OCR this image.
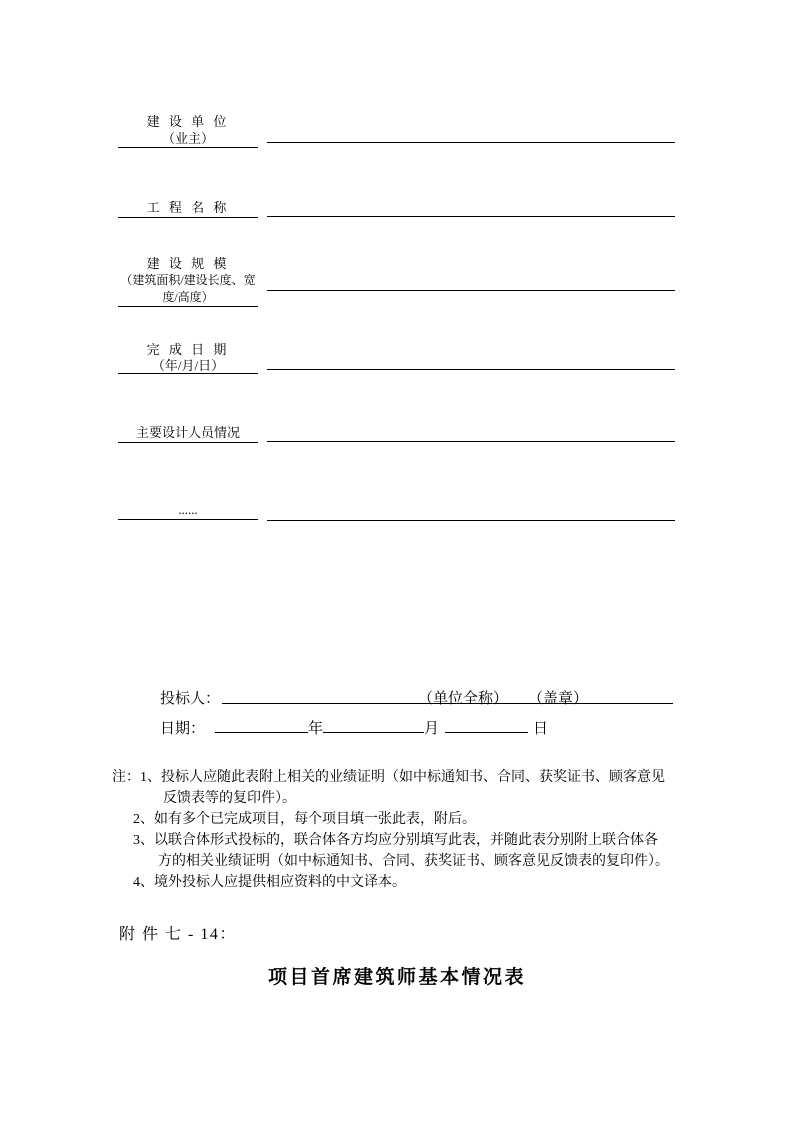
建 设 单 位
（业主）
工 程 名 称
建 设 规 模
（建筑面积/建设长度、宽
度/高度）
完 成 日 期
（年/月/日）
主要设计人员情况
......
投标人：	（单位全称） （盖章）
日期：	年	月	日
注：1、投标人应随此表附上相关的业绩证明（如中标通知书、合同、获奖证书、顾客意见
反馈表等的复印件）。
2、如有多个已完成项目，每个项目填一张此表，附后。
3、以联合体形式投标的，联合体各方均应分别填写此表，并随此表分别附上联合体各
方的相关业绩证明（如中标通知书、合同、获奖证书、顾客意见反馈表的复印件）。
4、境外投标人应提供相应资料的中文译本。
附 件 七 - 14：
项目首席建筑师基本情况表
